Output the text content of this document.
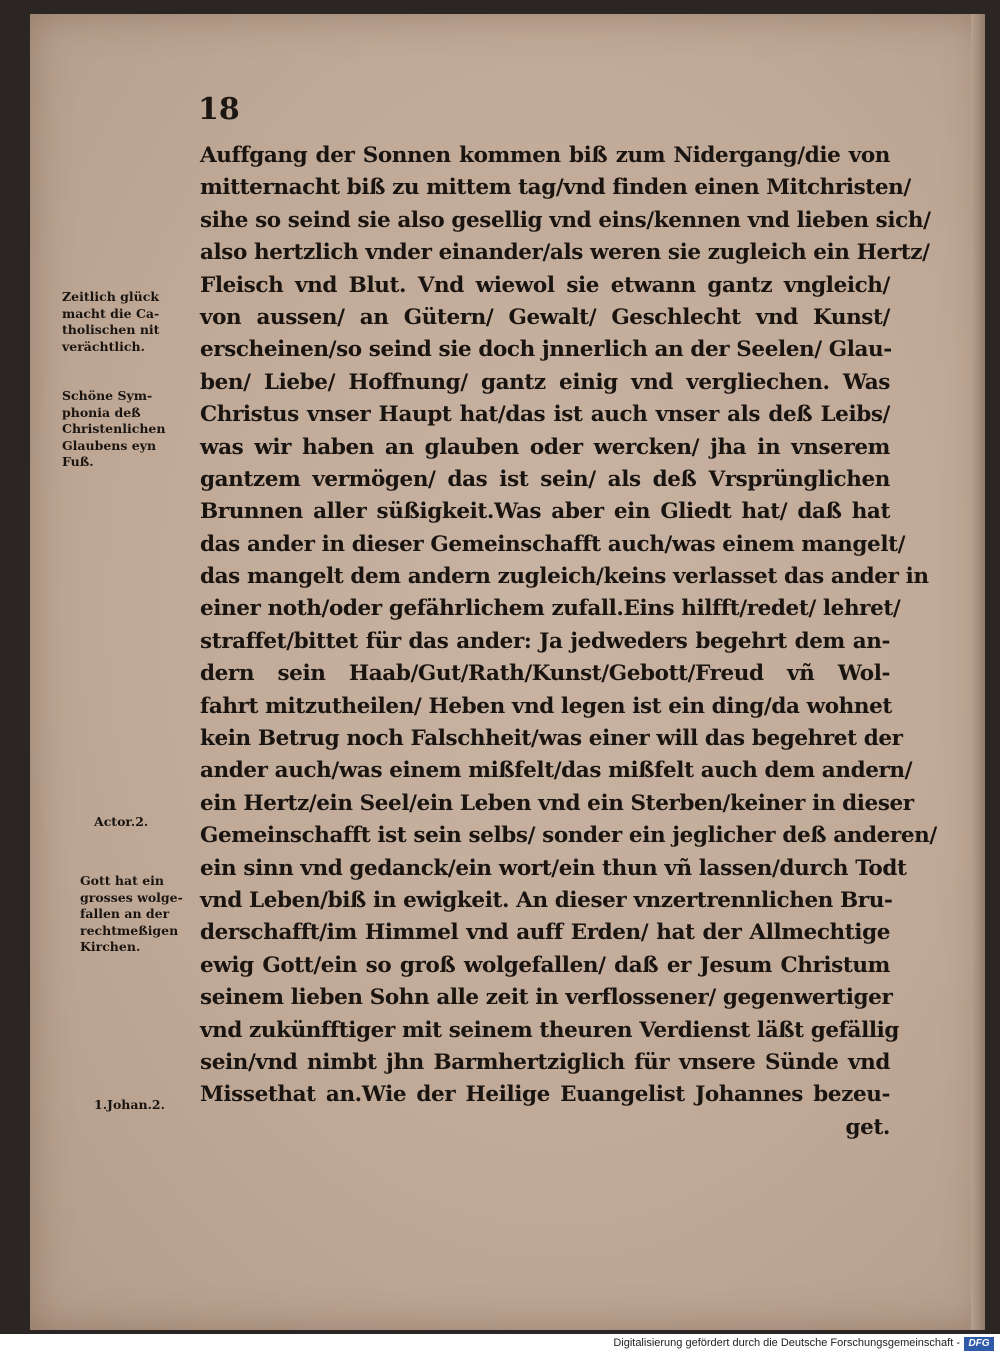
18
Auffgang der Sonnen kommen biß zum Nidergang/die von
mitternacht biß zu mittem tag/vnd finden einen Mitchristen/
sihe so seind sie also gesellig vnd eins/kennen vnd lieben sich/
also hertzlich vnder einander/als weren sie zugleich ein Hertz/
Fleisch vnd Blut. Vnd wiewol sie etwann gantz vngleich/
von aussen/ an Gütern/ Gewalt/ Geschlecht vnd Kunst/
erscheinen/so seind sie doch jnnerlich an der Seelen/ Glau-
ben/ Liebe/ Hoffnung/ gantz einig vnd vergliechen. Was
Christus vnser Haupt hat/das ist auch vnser als deß Leibs/
was wir haben an glauben oder wercken/ jha in vnserem
gantzem vermögen/ das ist sein/ als deß Vrsprünglichen
Brunnen aller süßigkeit.Was aber ein Gliedt hat/ daß hat
das ander in dieser Gemeinschafft auch/was einem mangelt/
das mangelt dem andern zugleich/keins verlasset das ander in
einer noth/oder gefährlichem zufall.Eins hilfft/redet/ lehret/
straffet/bittet für das ander: Ja jedweders begehrt dem an-
dern sein Haab/Gut/Rath/Kunst/Gebott/Freud vñ Wol-
fahrt mitzutheilen/ Heben vnd legen ist ein ding/da wohnet
kein Betrug noch Falschheit/was einer will das begehret der
ander auch/was einem mißfelt/das mißfelt auch dem andern/
ein Hertz/ein Seel/ein Leben vnd ein Sterben/keiner in dieser
Gemeinschafft ist sein selbs/ sonder ein jeglicher deß anderen/
ein sinn vnd gedanck/ein wort/ein thun vñ lassen/durch Todt
vnd Leben/biß in ewigkeit. An dieser vnzertrennlichen Bru-
derschafft/im Himmel vnd auff Erden/ hat der Allmechtige
ewig Gott/ein so groß wolgefallen/ daß er Jesum Christum
seinem lieben Sohn alle zeit in verflossener/ gegenwertiger
vnd zukünfftiger mit seinem theuren Verdienst läßt gefällig
sein/vnd nimbt jhn Barmhertziglich für vnsere Sünde vnd
Missethat an.Wie der Heilige Euangelist Johannes bezeu-
get.
Zeitlich glück
macht die Ca-
tholischen nit
verächtlich.
Schöne Sym-
phonia deß
Christenlichen
Glaubens eyn
Fuß.
Actor.2.
Gott hat ein
grosses wolge-
fallen an der
rechtmeßigen
Kirchen.
1.Johan.2.
Digitalisierung gefördert durch die Deutsche Forschungsgemeinschaft - DFG
